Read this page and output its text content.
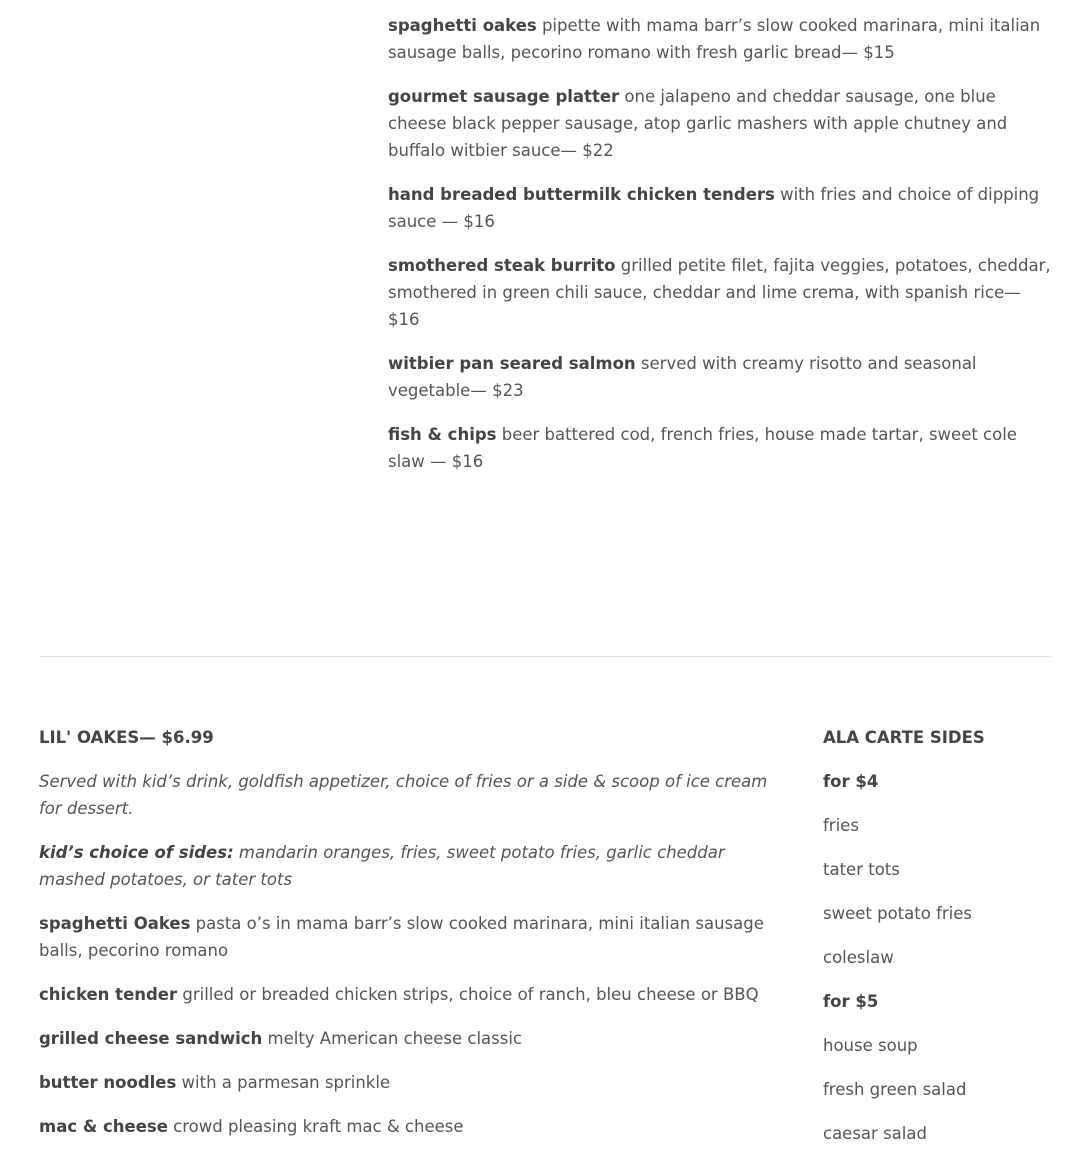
spaghetti oakes pipette with mama barr’s slow cooked marinara, mini italian sausage balls, pecorino romano with fresh garlic bread— $15

gourmet sausage platter one jalapeno and cheddar sausage, one blue cheese black pepper sausage, atop garlic mashers with apple chutney and buffalo witbier sauce— $22

hand breaded buttermilk chicken tenders with fries and choice of dipping sauce — $16

smothered steak burrito grilled petite filet, fajita veggies, potatoes, cheddar, smothered in green chili sauce, cheddar and lime crema, with spanish rice— $16

witbier pan seared salmon served with creamy risotto and seasonal vegetable— $23

fish & chips beer battered cod, french fries, house made tartar, sweet cole slaw — $16

LIL' OAKES— $6.99

Served with kid’s drink, goldfish appetizer, choice of fries or a side & scoop of ice cream for dessert.

kid’s choice of sides: mandarin oranges, fries, sweet potato fries, garlic cheddar mashed potatoes, or tater tots

spaghetti Oakes pasta o’s in mama barr’s slow cooked marinara, mini italian sausage balls, pecorino romano

chicken tender grilled or breaded chicken strips, choice of ranch, bleu cheese or BBQ

grilled cheese sandwich melty American cheese classic

butter noodles with a parmesan sprinkle

mac & cheese crowd pleasing kraft mac & cheese

ALA CARTE SIDES

for $4

fries

tater tots

sweet potato fries

coleslaw

for $5

house soup

fresh green salad

caesar salad
